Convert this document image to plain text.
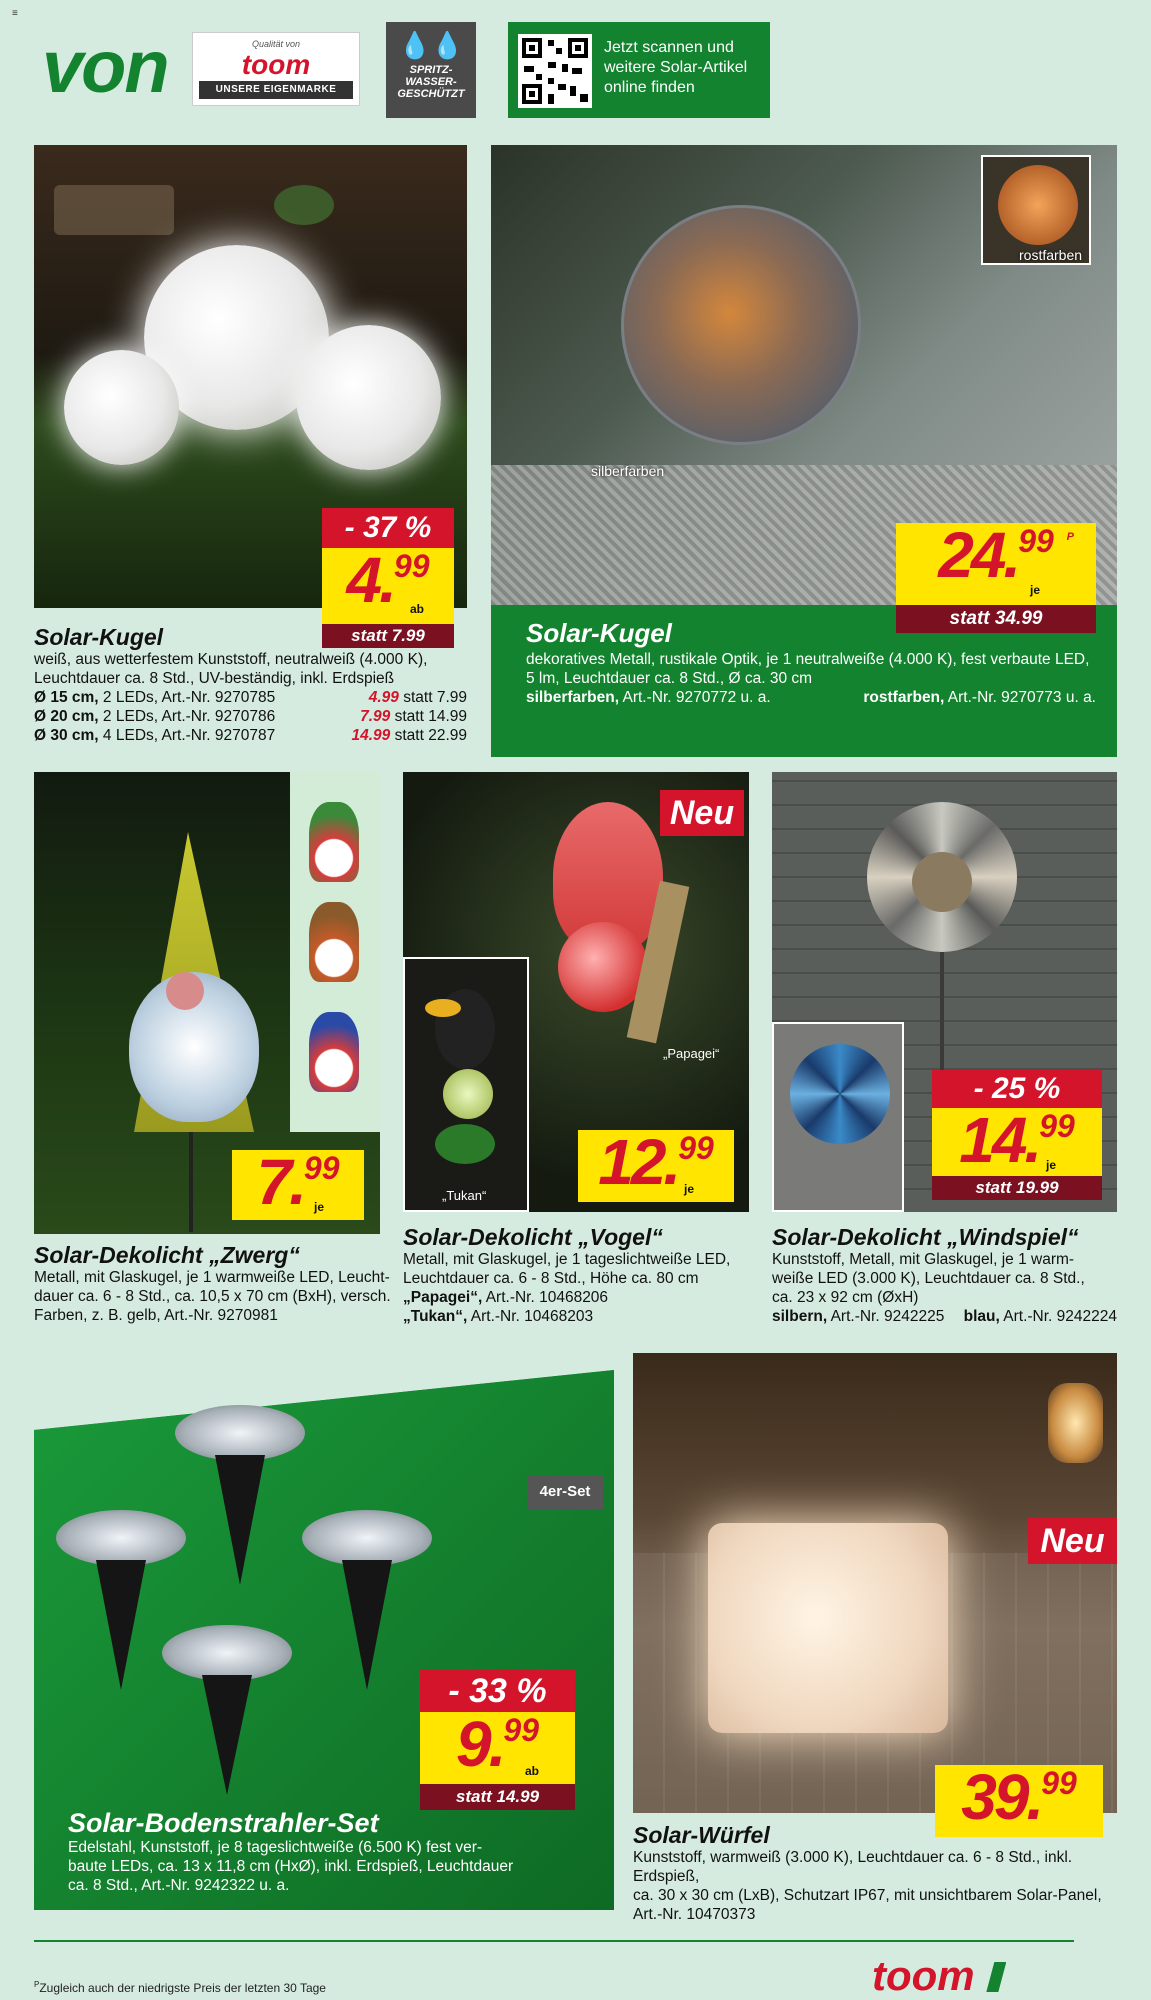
≡
von	Qualität von
toom
UNSERE EIGENMARKE
💧💧
SPRITZ-
WASSER-
GESCHÜTZT
Jetzt scannen und
weitere Solar-Artikel
online finden
- 37 %
4.99
ab
statt 7.99
Solar-Kugel
weiß, aus wetterfestem Kunststoff, neutralweiß (4.000 K),
Leuchtdauer ca. 8 Std., UV-beständig, inkl. Erdspieß
Ø 15 cm, 2 LEDs, Art.-Nr. 9270785	4.99 statt 7.99
Ø 20 cm, 2 LEDs, Art.-Nr. 9270786	7.99 statt 14.99
Ø 30 cm, 4 LEDs, Art.-Nr. 9270787	14.99 statt 22.99
rostfarben
silberfarben
24.99 P
je
statt 34.99
Solar-Kugel
dekoratives Metall, rustikale Optik, je 1 neutralweiße (4.000 K), fest verbaute LED,
5 lm, Leuchtdauer ca. 8 Std., Ø ca. 30 cm
silberfarben, Art.-Nr. 9270772 u. a.	rostfarben, Art.-Nr. 9270773 u. a.
7.99
je
Solar-Dekolicht „Zwerg“
Metall, mit Glaskugel, je 1 warmweiße LED, Leucht-
dauer ca. 6 - 8 Std., ca. 10,5 x 70 cm (BxH), versch.
Farben, z. B. gelb, Art.-Nr. 9270981
Neu
„Papagei“
„Tukan“	12.99
je
Solar-Dekolicht „Vogel“
Metall, mit Glaskugel, je 1 tageslichtweiße LED,
Leuchtdauer ca. 6 - 8 Std., Höhe ca. 80 cm
„Papagei“, Art.-Nr. 10468206
„Tukan“, Art.-Nr. 10468203
- 25 %
14.99
je
statt 19.99
Solar-Dekolicht „Windspiel“
Kunststoff, Metall, mit Glaskugel, je 1 warm-
weiße LED (3.000 K), Leuchtdauer ca. 8 Std.,
ca. 23 x 92 cm (ØxH)
silbern, Art.-Nr. 9242225 blau, Art.-Nr. 9242224
4er-Set
- 33 %
9.99
ab
statt 14.99
Solar-Bodenstrahler-Set
Edelstahl, Kunststoff, je 8 tageslichtweiße (6.500 K) fest ver-
baute LEDs, ca. 13 x 11,8 cm (HxØ), inkl. Erdspieß, Leuchtdauer
ca. 8 Std., Art.-Nr. 9242322 u. a.
Neu
39.99
Solar-Würfel
Kunststoff, warmweiß (3.000 K), Leuchtdauer ca. 6 - 8 Std., inkl. Erdspieß,
ca. 30 x 30 cm (LxB), Schutzart IP67, mit unsichtbarem Solar-Panel,
Art.-Nr. 10470373
$^P$Zugleich auch der niedrigste Preis der letzten 30 Tage	toom
